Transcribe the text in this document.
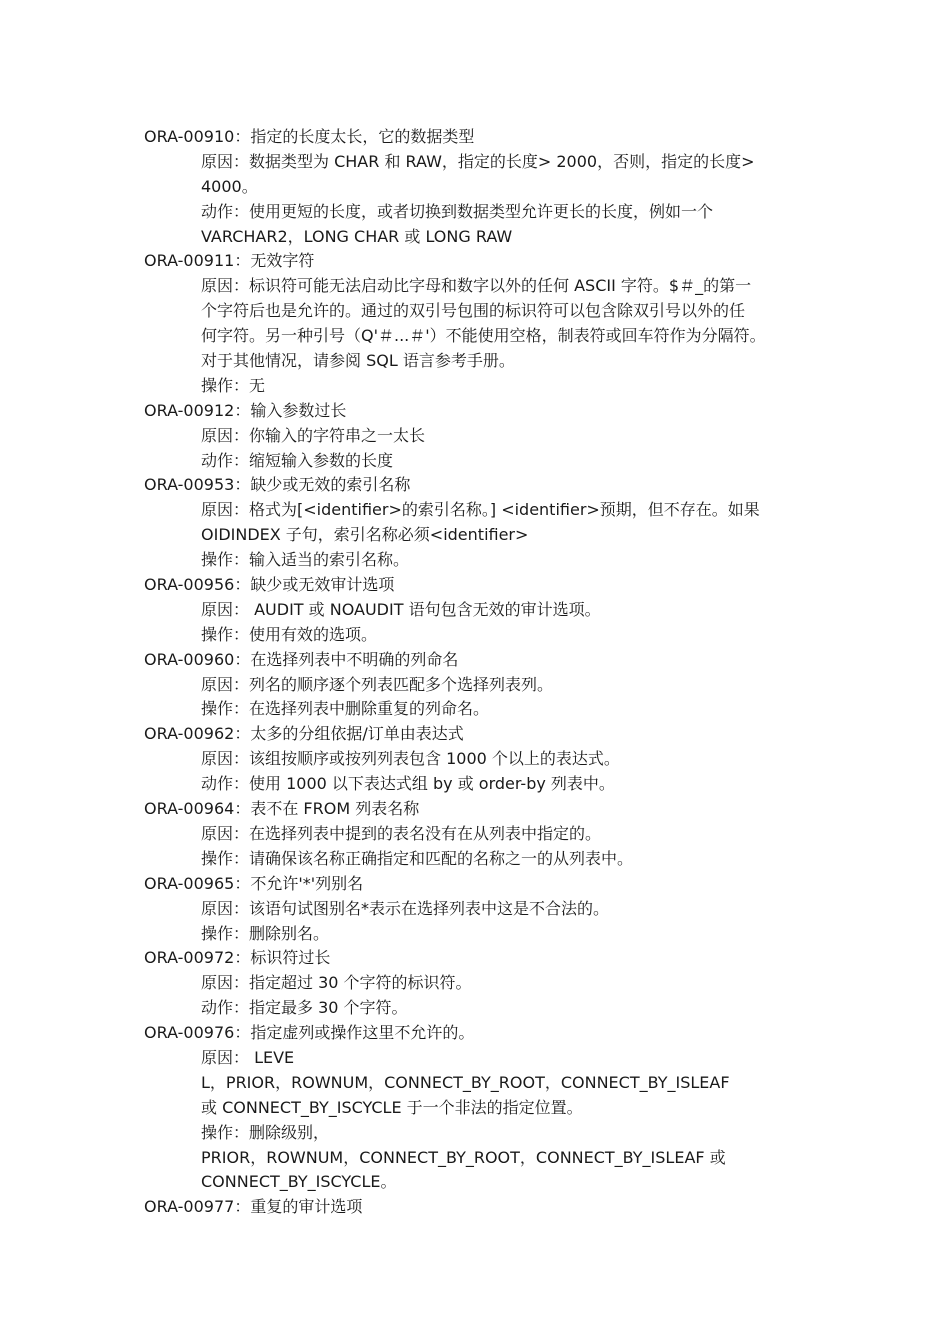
ORA-00910：指定的长度太长，它的数据类型
原因：数据类型为 CHAR 和 RAW，指定的长度> 2000，否则，指定的长度>
4000。
动作：使用更短的长度，或者切换到数据类型允许更长的长度，例如一个
VARCHAR2，LONG CHAR 或 LONG RAW
ORA-00911：无效字符
原因：标识符可能无法启动比字母和数字以外的任何 ASCII 字符。$＃_的第一
个字符后也是允许的。通过的双引号包围的标识符可以包含除双引号以外的任
何字符。另一种引号（Q'＃...＃'）不能使用空格，制表符或回车符作为分隔符。
对于其他情况，请参阅 SQL 语言参考手册。
操作：无
ORA-00912：输入参数过长
原因：你输入的字符串之一太长
动作：缩短输入参数的长度
ORA-00953：缺少或无效的索引名称
原因：格式为[<identifier>的索引名称。] <identifier>预期，但不存在。如果
OIDINDEX 子句，索引名称必须<identifier>
操作：输入适当的索引名称。
ORA-00956：缺少或无效审计选项
原因： AUDIT 或 NOAUDIT 语句包含无效的审计选项。
操作：使用有效的选项。
ORA-00960：在选择列表中不明确的列命名
原因：列名的顺序逐个列表匹配多个选择列表列。
操作：在选择列表中删除重复的列命名。
ORA-00962：太多的分组依据/订单由表达式
原因：该组按顺序或按列列表包含 1000 个以上的表达式。
动作：使用 1000 以下表达式组 by 或 order-by 列表中。
ORA-00964：表不在 FROM 列表名称
原因：在选择列表中提到的表名没有在从列表中指定的。
操作：请确保该名称正确指定和匹配的名称之一的从列表中。
ORA-00965：不允许'*'列别名
原因：该语句试图别名*表示在选择列表中这是不合法的。
操作：删除别名。
ORA-00972：标识符过长
原因：指定超过 30 个字符的标识符。
动作：指定最多 30 个字符。
ORA-00976：指定虚列或操作这里不允许的。
原因： LEVE
L，PRIOR，ROWNUM，CONNECT_BY_ROOT，CONNECT_BY_ISLEAF
或 CONNECT_BY_ISCYCLE 于一个非法的指定位置。
操作：删除级别，
PRIOR，ROWNUM，CONNECT_BY_ROOT，CONNECT_BY_ISLEAF 或
CONNECT_BY_ISCYCLE。
ORA-00977：重复的审计选项
